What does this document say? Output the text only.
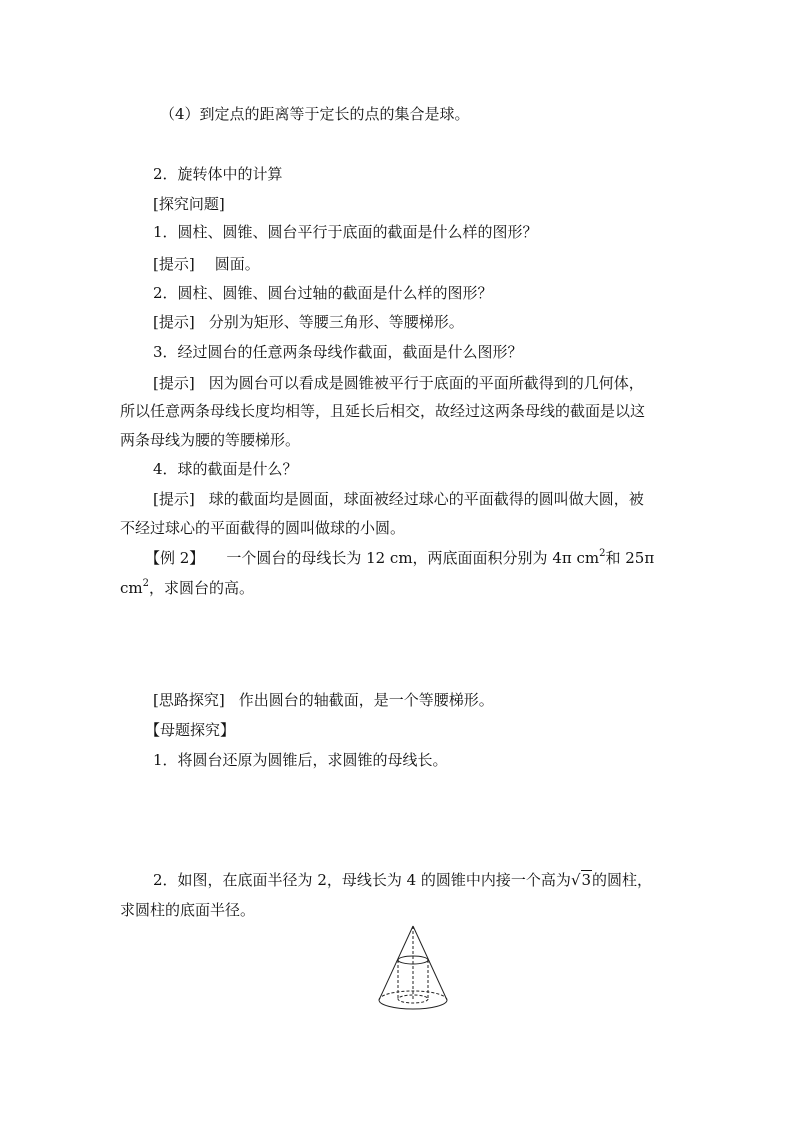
（4）到定点的距离等于定长的点的集合是球。
2．旋转体中的计算
[探究问题]
1．圆柱、圆锥、圆台平行于底面的截面是什么样的图形？
[提示] 圆面。
2．圆柱、圆锥、圆台过轴的截面是什么样的图形？
[提示] 分别为矩形、等腰三角形、等腰梯形。
3．经过圆台的任意两条母线作截面，截面是什么图形？
[提示] 因为圆台可以看成是圆锥被平行于底面的平面所截得到的几何体，
所以任意两条母线长度均相等，且延长后相交，故经过这两条母线的截面是以这
两条母线为腰的等腰梯形。
4．球的截面是什么？
[提示] 球的截面均是圆面，球面被经过球心的平面截得的圆叫做大圆，被
不经过球心的平面截得的圆叫做球的小圆。
【例 2】 一个圆台的母线长为 12 cm，两底面面积分别为 4π $cm^2$和 25π
$cm^2$，求圆台的高。
[思路探究] 作出圆台的轴截面，是一个等腰梯形。
【母题探究】
1．将圆台还原为圆锥后，求圆锥的母线长。
2．如图，在底面半径为 2，母线长为 4 的圆锥中内接一个高为√3的圆柱，
求圆柱的底面半径。
